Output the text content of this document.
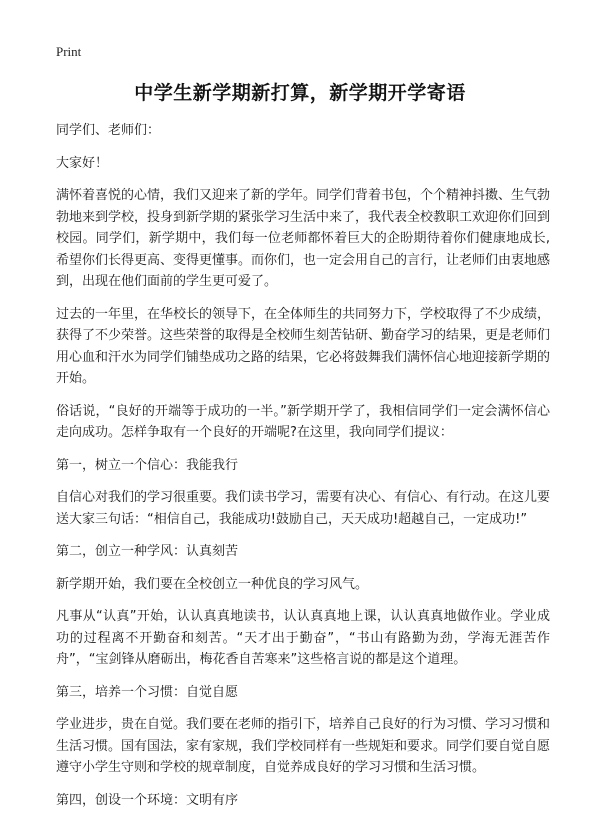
Print
中学生新学期新打算，新学期开学寄语

同学们、老师们：

大家好！

满怀着喜悦的心情，我们又迎来了新的学年。同学们背着书包，个个精神抖擞、生气勃勃地来到学校，投身到新学期的紧张学习生活中来了，我代表全校教职工欢迎你们回到校园。同学们，新学期中，我们每一位老师都怀着巨大的企盼期待着你们健康地成长,希望你们长得更高、变得更懂事。而你们，也一定会用自己的言行，让老师们由衷地感到，出现在他们面前的学生更可爱了。

过去的一年里，在华校长的领导下，在全体师生的共同努力下，学校取得了不少成绩，获得了不少荣誉。这些荣誉的取得是全校师生刻苦钻研、勤奋学习的结果，更是老师们用心血和汗水为同学们铺垫成功之路的结果，它必将鼓舞我们满怀信心地迎接新学期的开始。

俗话说，“良好的开端等于成功的一半。”新学期开学了，我相信同学们一定会满怀信心走向成功。怎样争取有一个良好的开端呢?在这里，我向同学们提议：

第一，树立一个信心：我能我行

自信心对我们的学习很重要。我们读书学习，需要有决心、有信心、有行动。在这儿要送大家三句话：“相信自己，我能成功!鼓励自己，天天成功!超越自己，一定成功!”

第二，创立一种学风：认真刻苦

新学期开始，我们要在全校创立一种优良的学习风气。

凡事从“认真”开始，认认真真地读书，认认真真地上课，认认真真地做作业。学业成功的过程离不开勤奋和刻苦。“天才出于勤奋”，“书山有路勤为劲，学海无涯苦作舟”，“宝剑锋从磨砺出，梅花香自苦寒来”这些格言说的都是这个道理。

第三，培养一个习惯：自觉自愿

学业进步，贵在自觉。我们要在老师的指引下，培养自己良好的行为习惯、学习习惯和生活习惯。国有国法，家有家规，我们学校同样有一些规矩和要求。同学们要自觉自愿遵守小学生守则和学校的规章制度，自觉养成良好的学习习惯和生活习惯。

第四，创设一个环境：文明有序
